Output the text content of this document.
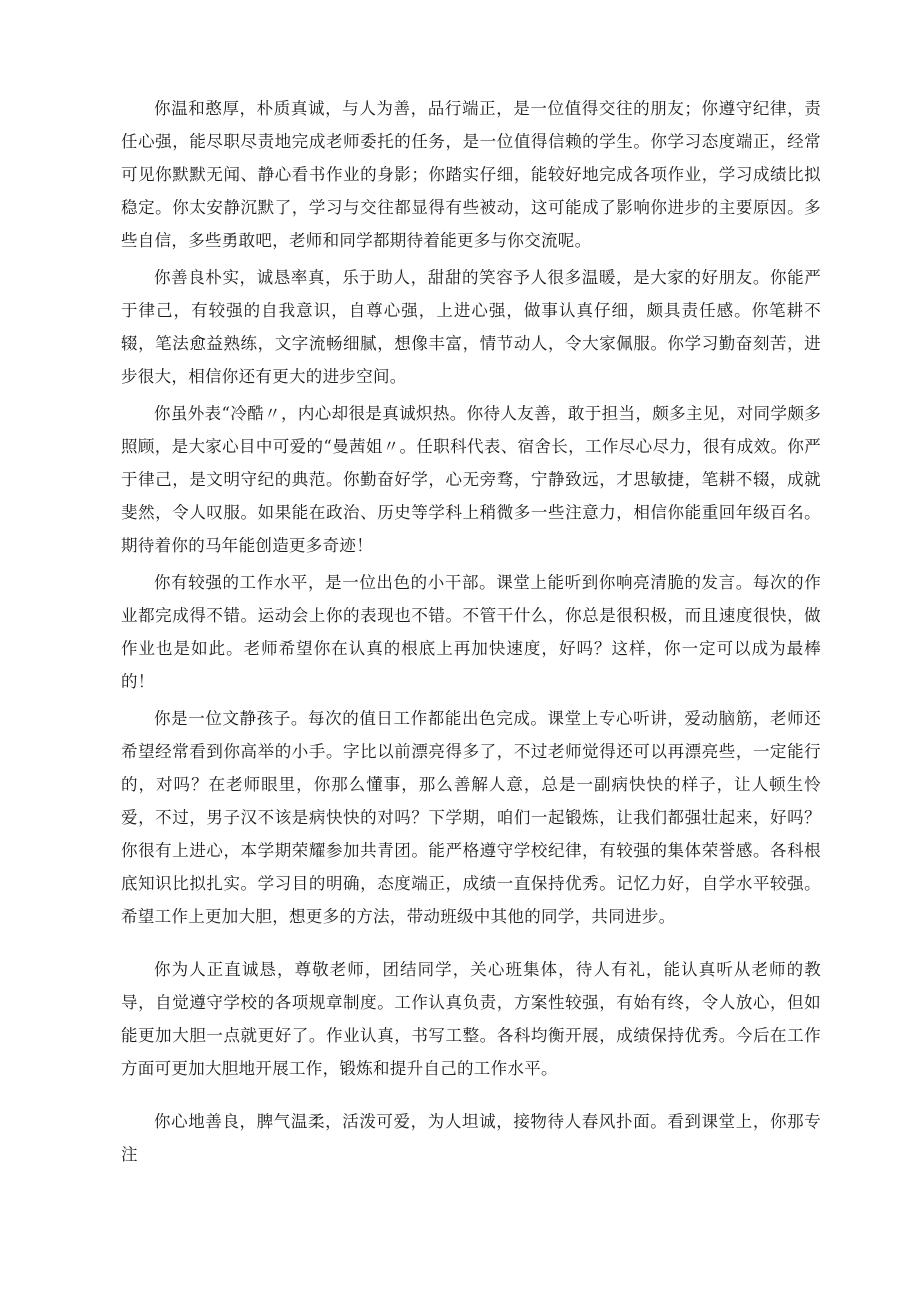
你温和憨厚，朴质真诚，与人为善，品行端正，是一位值得交往的朋友；你遵守纪律，责任心强，能尽职尽责地完成老师委托的任务，是一位值得信赖的学生。你学习态度端正，经常可见你默默无闻、静心看书作业的身影；你踏实仔细，能较好地完成各项作业，学习成绩比拟稳定。你太安静沉默了，学习与交往都显得有些被动，这可能成了影响你进步的主要原因。多些自信，多些勇敢吧，老师和同学都期待着能更多与你交流呢。

你善良朴实，诚恳率真，乐于助人，甜甜的笑容予人很多温暖，是大家的好朋友。你能严于律己，有较强的自我意识，自尊心强，上进心强，做事认真仔细，颇具责任感。你笔耕不辍，笔法愈益熟练，文字流畅细腻，想像丰富，情节动人，令大家佩服。你学习勤奋刻苦，进步很大，相信你还有更大的进步空间。

你虽外表“冷酷〃，内心却很是真诚炽热。你待人友善，敢于担当，颇多主见，对同学颇多照顾，是大家心目中可爱的“曼茜姐〃。任职科代表、宿舍长，工作尽心尽力，很有成效。你严于律己，是文明守纪的典范。你勤奋好学，心无旁骛，宁静致远，才思敏捷，笔耕不辍，成就斐然，令人叹服。如果能在政治、历史等学科上稍微多一些注意力，相信你能重回年级百名。期待着你的马年能创造更多奇迹！

你有较强的工作水平，是一位出色的小干部。课堂上能听到你响亮清脆的发言。每次的作业都完成得不错。运动会上你的表现也不错。不管干什么，你总是很积极，而且速度很快，做作业也是如此。老师希望你在认真的根底上再加快速度，好吗？这样，你一定可以成为最棒的！

你是一位文静孩子。每次的值日工作都能出色完成。课堂上专心听讲，爱动脑筋，老师还希望经常看到你高举的小手。字比以前漂亮得多了，不过老师觉得还可以再漂亮些，一定能行的，对吗？在老师眼里，你那么懂事，那么善解人意，总是一副病快快的样子，让人顿生怜爱，不过，男子汉不该是病快快的对吗？下学期，咱们一起锻炼，让我们都强壮起来，好吗？你很有上进心，本学期荣耀参加共青团。能严格遵守学校纪律，有较强的集体荣誉感。各科根底知识比拟扎实。学习目的明确，态度端正，成绩一直保持优秀。记忆力好，自学水平较强。希望工作上更加大胆，想更多的方法，带动班级中其他的同学，共同进步。

你为人正直诚恳，尊敬老师，团结同学，关心班集体，待人有礼，能认真听从老师的教导，自觉遵守学校的各项规章制度。工作认真负责，方案性较强，有始有终，令人放心，但如能更加大胆一点就更好了。作业认真，书写工整。各科均衡开展，成绩保持优秀。今后在工作方面可更加大胆地开展工作，锻炼和提升自己的工作水平。

你心地善良，脾气温柔，活泼可爱，为人坦诚，接物待人春风扑面。看到课堂上，你那专注
